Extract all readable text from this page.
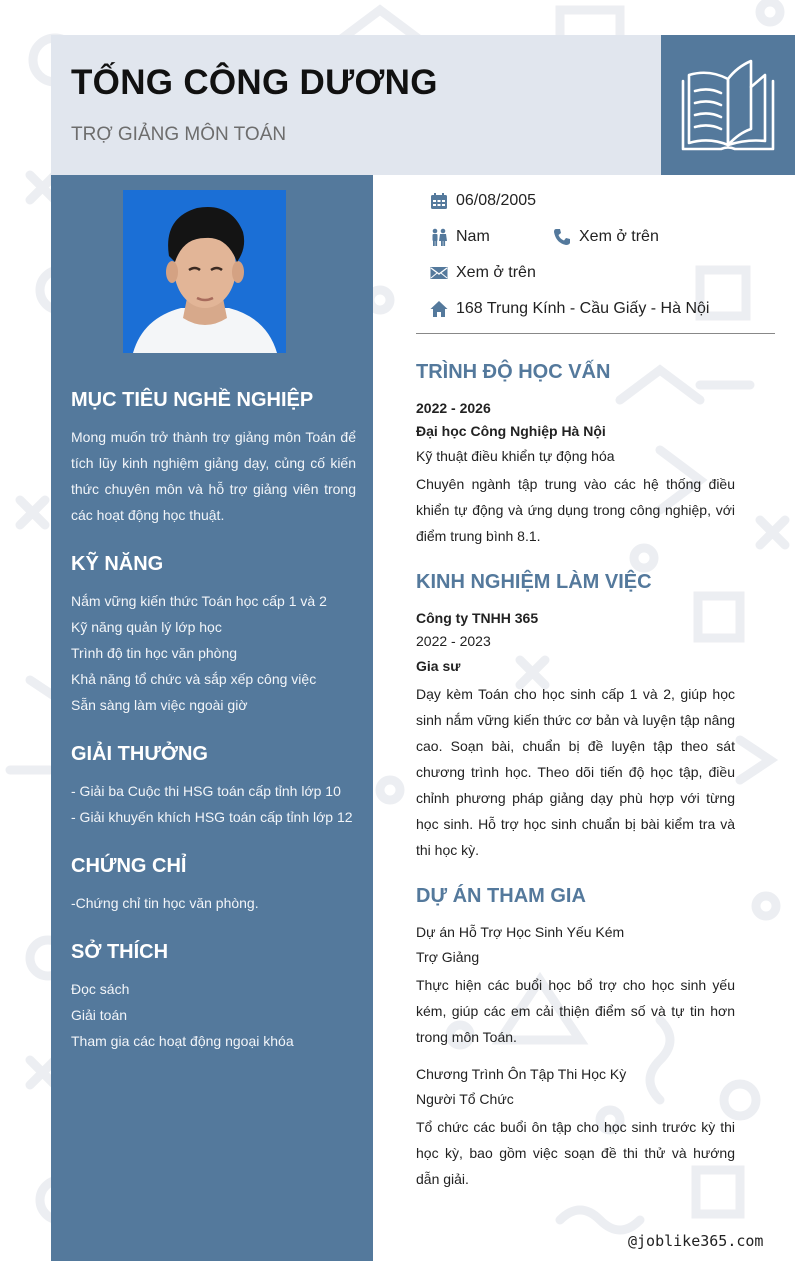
TỐNG CÔNG DƯƠNG
TRỢ GIẢNG MÔN TOÁN
MỤC TIÊU NGHỀ NGHIỆP
Mong muốn trở thành trợ giảng môn Toán để tích lũy kinh nghiệm giảng dạy, củng cố kiến thức chuyên môn và hỗ trợ giảng viên trong các hoạt động học thuật.
KỸ NĂNG
Nắm vững kiến thức Toán học cấp 1 và 2
Kỹ năng quản lý lớp học
Trình độ tin học văn phòng
Khả năng tổ chức và sắp xếp công việc
Sẵn sàng làm việc ngoài giờ
GIẢI THƯỞNG
- Giải ba Cuộc thi HSG toán cấp tỉnh lớp 10
- Giải khuyến khích HSG toán cấp tỉnh lớp 12
CHỨNG CHỈ
-Chứng chỉ tin học văn phòng.
SỞ THÍCH
Đọc sách
Giải toán
Tham gia các hoạt động ngoại khóa
06/08/2005
Nam	Xem ở trên
Xem ở trên
168 Trung Kính - Cầu Giấy - Hà Nội
TRÌNH ĐỘ HỌC VẤN
2022 - 2026
Đại học Công Nghiệp Hà Nội
Kỹ thuật điều khiển tự động hóa
Chuyên ngành tập trung vào các hệ thống điều khiển tự động và ứng dụng trong công nghiệp, với điểm trung bình 8.1.
KINH NGHIỆM LÀM VIỆC
Công ty TNHH 365
2022 - 2023
Gia sư
Dạy kèm Toán cho học sinh cấp 1 và 2, giúp học sinh nắm vững kiến thức cơ bản và luyện tập nâng cao. Soạn bài, chuẩn bị đề luyện tập theo sát chương trình học. Theo dõi tiến độ học tập, điều chỉnh phương pháp giảng dạy phù hợp với từng học sinh. Hỗ trợ học sinh chuẩn bị bài kiểm tra và thi học kỳ.
DỰ ÁN THAM GIA
Dự án Hỗ Trợ Học Sinh Yếu Kém
Trợ Giảng
Thực hiện các buổi học bổ trợ cho học sinh yếu kém, giúp các em cải thiện điểm số và tự tin hơn trong môn Toán.
Chương Trình Ôn Tập Thi Học Kỳ
Người Tổ Chức
Tổ chức các buổi ôn tập cho học sinh trước kỳ thi học kỳ, bao gồm việc soạn đề thi thử và hướng dẫn giải.
@joblike365.com
